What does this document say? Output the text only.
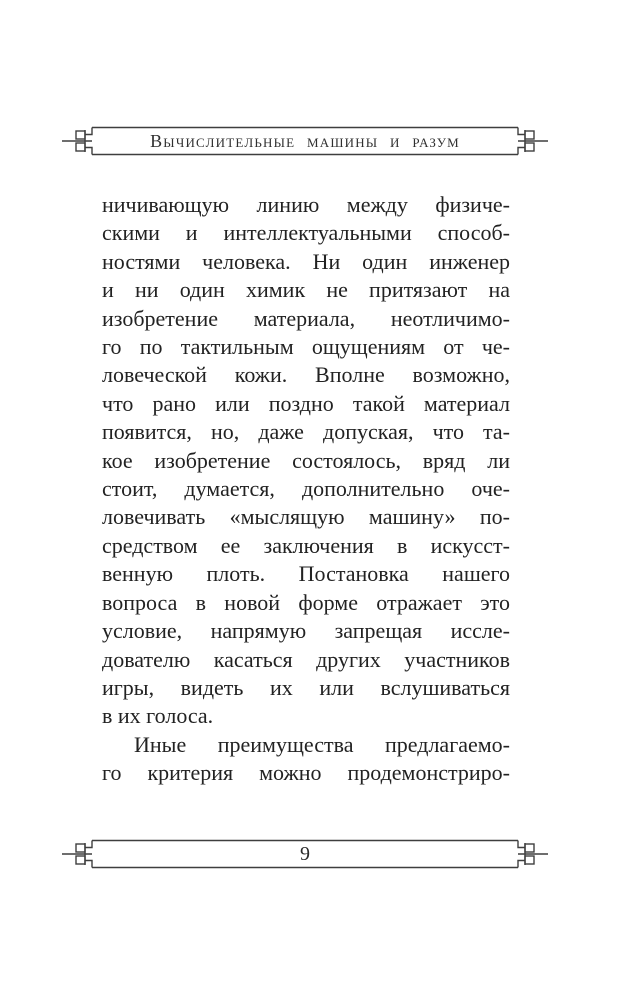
Вычислительные машины и разум
ничивающую линию между физиче-
скими и интеллектуальными способ-
ностями человека. Ни один инженер
и ни один химик не притязают на
изобретение материала, неотличимо-
го по тактильным ощущениям от че-
ловеческой кожи. Вполне возможно,
что рано или поздно такой материал
появится, но, даже допуская, что та-
кое изобретение состоялось, вряд ли
стоит, думается, дополнительно оче-
ловечивать «мыслящую машину» по-
средством ее заключения в искусст-
венную плоть. Постановка нашего
вопроса в новой форме отражает это
условие, напрямую запрещая иссле-
дователю касаться других участников
игры, видеть их или вслушиваться
в их голоса.
Иные преимущества предлагаемо-
го критерия можно продемонстриро-
9
